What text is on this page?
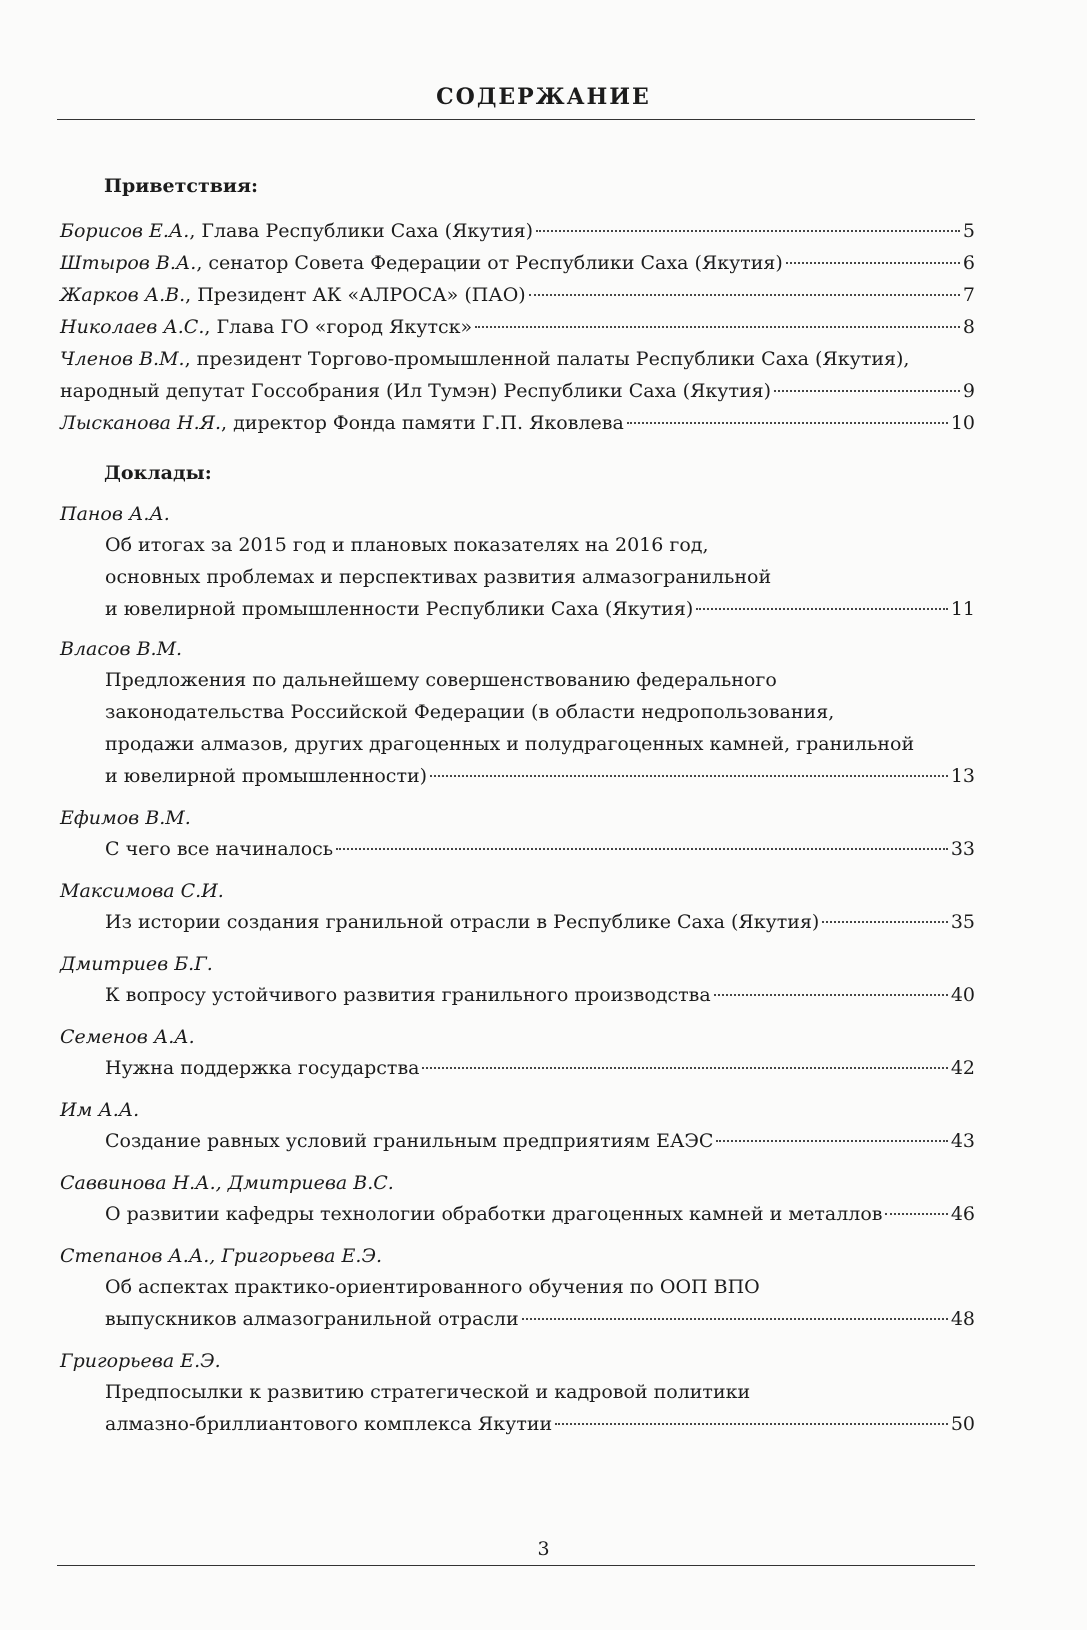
СОДЕРЖАНИЕ
Приветствия:
Борисов Е.А., Глава Республики Саха (Якутия)	5
Штыров В.А., сенатор Совета Федерации от Республики Саха (Якутия)	6
Жарков А.В., Президент АК «АЛРОСА» (ПАО)	7
Николаев А.С., Глава ГО «город Якутск»	8
Членов В.М., президент Торгово-промышленной палаты Республики Саха (Якутия),
народный депутат Госсобрания (Ил Тумэн) Республики Саха (Якутия)	9
Лысканова Н.Я., директор Фонда памяти Г.П. Яковлева	10
Доклады:
Панов А.А.
Об итогах за 2015 год и плановых показателях на 2016 год,
основных проблемах и перспективах развития алмазогранильной
и ювелирной промышленности Республики Саха (Якутия)	11
Власов В.М.
Предложения по дальнейшему совершенствованию федерального
законодательства Российской Федерации (в области недропользования,
продажи алмазов, других драгоценных и полудрагоценных камней, гранильной
и ювелирной промышленности)	13
Ефимов В.М.
С чего все начиналось	33
Максимова С.И.
Из истории создания гранильной отрасли в Республике Саха (Якутия)	35
Дмитриев Б.Г.
К вопросу устойчивого развития гранильного производства	40
Семенов А.А.
Нужна поддержка государства	42
Им А.А.
Создание равных условий гранильным предприятиям ЕАЭС	43
Саввинова Н.А., Дмитриева В.С.
О развитии кафедры технологии обработки драгоценных камней и металлов	46
Степанов А.А., Григорьева Е.Э.
Об аспектах практико-ориентированного обучения по ООП ВПО
выпускников алмазогранильной отрасли	48
Григорьева Е.Э.
Предпосылки к развитию стратегической и кадровой политики
алмазно-бриллиантового комплекса Якутии	50
3
